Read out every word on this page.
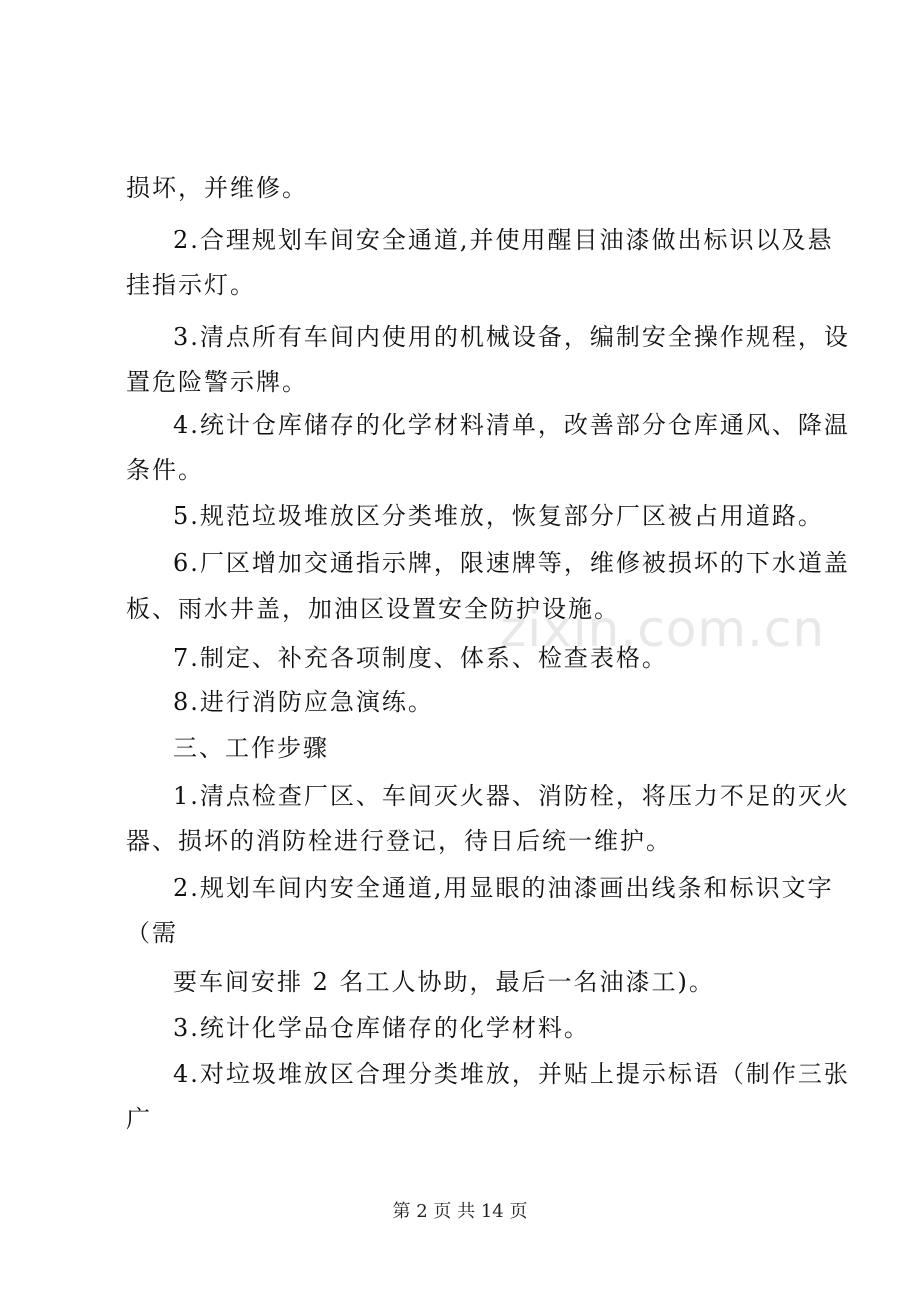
损坏，并维修。
2.合理规划车间安全通道,并使用醒目油漆做出标识以及悬
挂指示灯。
3.清点所有车间内使用的机械设备，编制安全操作规程，设
置危险警示牌。
4.统计仓库储存的化学材料清单，改善部分仓库通风、降温
条件。
5.规范垃圾堆放区分类堆放，恢复部分厂区被占用道路。
6.厂区增加交通指示牌，限速牌等，维修被损坏的下水道盖
板、雨水井盖，加油区设置安全防护设施。
7.制定、补充各项制度、体系、检查表格。
8.进行消防应急演练。
三、工作步骤
1.清点检查厂区、车间灭火器、消防栓，将压力不足的灭火
器、损坏的消防栓进行登记，待日后统一维护。
2.规划车间内安全通道,用显眼的油漆画出线条和标识文字
（需
要车间安排 2 名工人协助，最后一名油漆工)。
3.统计化学品仓库储存的化学材料。
4.对垃圾堆放区合理分类堆放，并贴上提示标语（制作三张
广
zixin.com.cn
第 2 页 共 14 页
